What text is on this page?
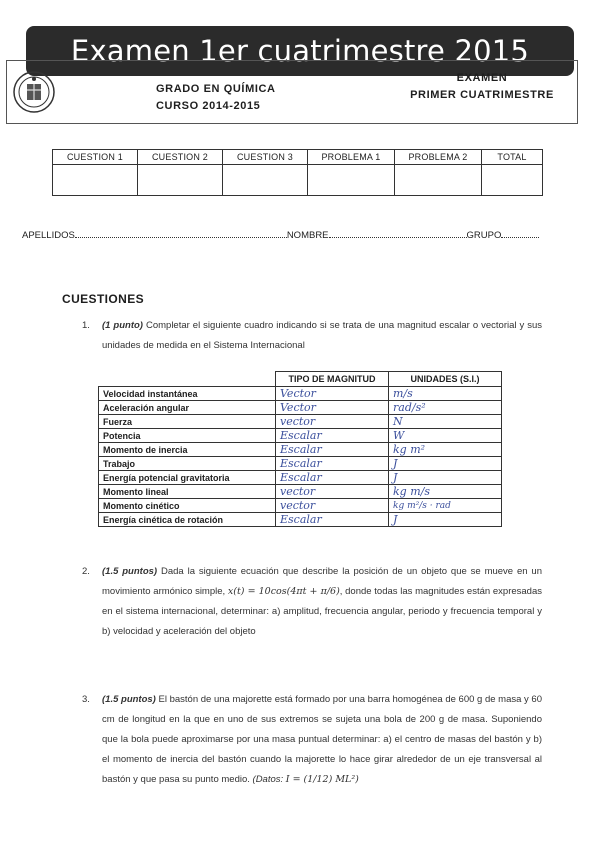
Examen 1er cuatrimestre 2015
GRADO EN QUÍMICA
CURSO 2014-2015
EXAMEN
PRIMER CUATRIMESTRE
CUESTION 1	CUESTION 2	CUESTION 3	PROBLEMA 1	PROBLEMA 2	TOTAL

APELLIDOS	NOMBRE	GRUPO
CUESTIONES
1. (1 punto) Completar el siguiente cuadro indicando si se trata de una magnitud escalar o vectorial y sus unidades de medida en el Sistema Internacional
	TIPO DE MAGNITUD	UNIDADES (S.I.)
Velocidad instantánea	Vector	m/s
Aceleración angular	Vector	rad/s²
Fuerza	vector	N
Potencia	Escalar	W
Momento de inercia	Escalar	kg m²
Trabajo	Escalar	J
Energía potencial gravitatoria	Escalar	J
Momento lineal	vector	kg m/s
Momento cinético	vector	kg m²/s · rad
Energía cinética de rotación	Escalar	J
2. (1.5 puntos) Dada la siguiente ecuación que describe la posición de un objeto que se mueve en un movimiento armónico simple, x(t) = 10cos(4πt + π/6), donde todas las magnitudes están expresadas en el sistema internacional, determinar: a) amplitud, frecuencia angular, periodo y frecuencia temporal y b) velocidad y aceleración del objeto
3. (1.5 puntos) El bastón de una majorette está formado por una barra homogénea de 600 g de masa y 60 cm de longitud en la que en uno de sus extremos se sujeta una bola de 200 g de masa. Suponiendo que la bola puede aproximarse por una masa puntual determinar: a) el centro de masas del bastón y b) el momento de inercia del bastón cuando la majorette lo hace girar alrededor de un eje transversal al bastón y que pasa su punto medio. (Datos: I = (1/12) ML²)
